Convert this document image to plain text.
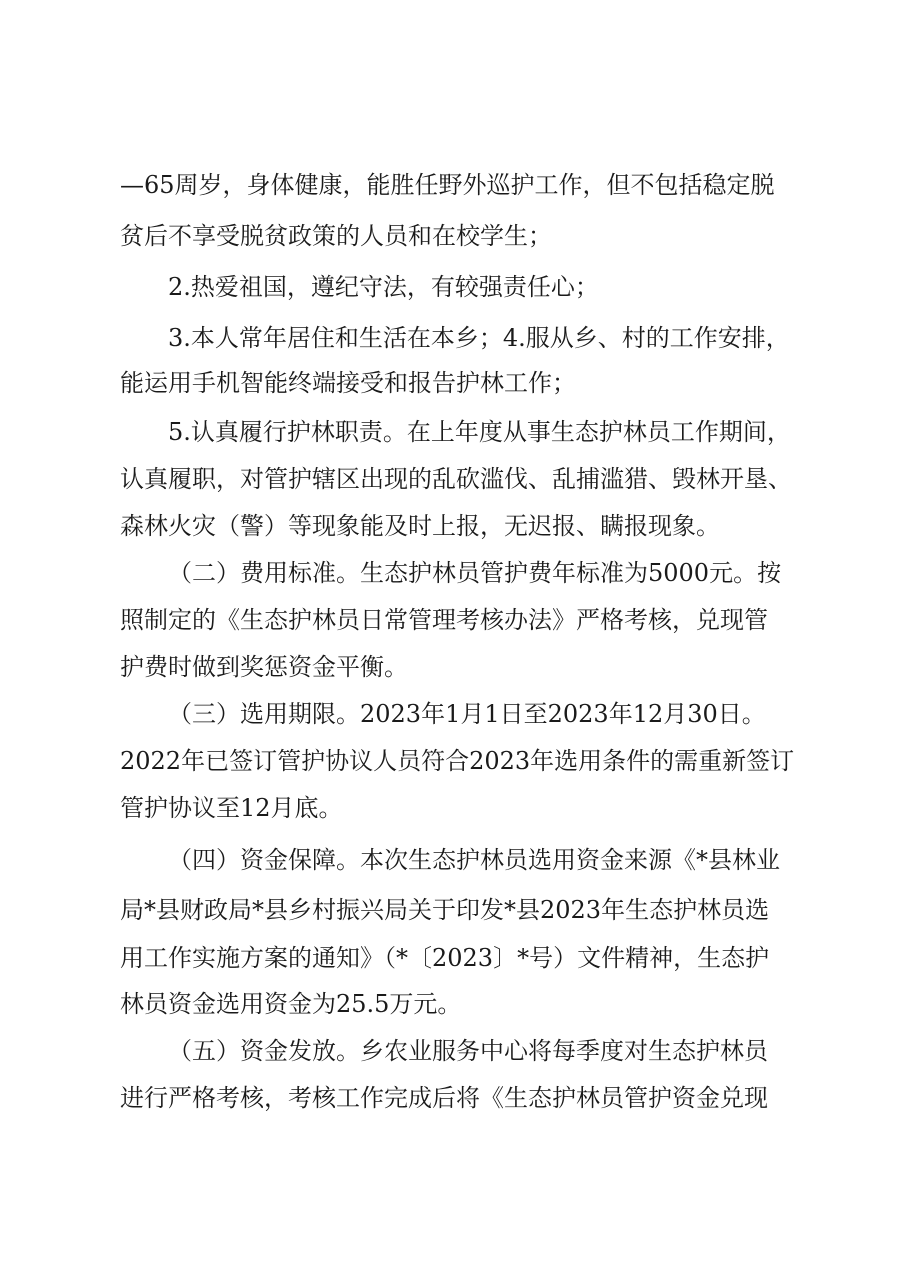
—65周岁，身体健康，能胜任野外巡护工作，但不包括稳定脱
贫后不享受脱贫政策的人员和在校学生；
2.热爱祖国，遵纪守法，有较强责任心；
3.本人常年居住和生活在本乡；4.服从乡、村的工作安排，
能运用手机智能终端接受和报告护林工作；
5.认真履行护林职责。在上年度从事生态护林员工作期间，
认真履职，对管护辖区出现的乱砍滥伐、乱捕滥猎、毁林开垦、
森林火灾（警）等现象能及时上报，无迟报、瞒报现象。
（二）费用标准。生态护林员管护费年标准为5000元。按
照制定的《生态护林员日常管理考核办法》严格考核，兑现管
护费时做到奖惩资金平衡。
（三）选用期限。2023年1月1日至2023年12月30日。
2022年已签订管护协议人员符合2023年选用条件的需重新签订
管护协议至12月底。
（四）资金保障。本次生态护林员选用资金来源《*县林业
局*县财政局*县乡村振兴局关于印发*县2023年生态护林员选
用工作实施方案的通知》（*〔2023〕*号）文件精神，生态护
林员资金选用资金为25.5万元。
（五）资金发放。乡农业服务中心将每季度对生态护林员
进行严格考核，考核工作完成后将《生态护林员管护资金兑现
